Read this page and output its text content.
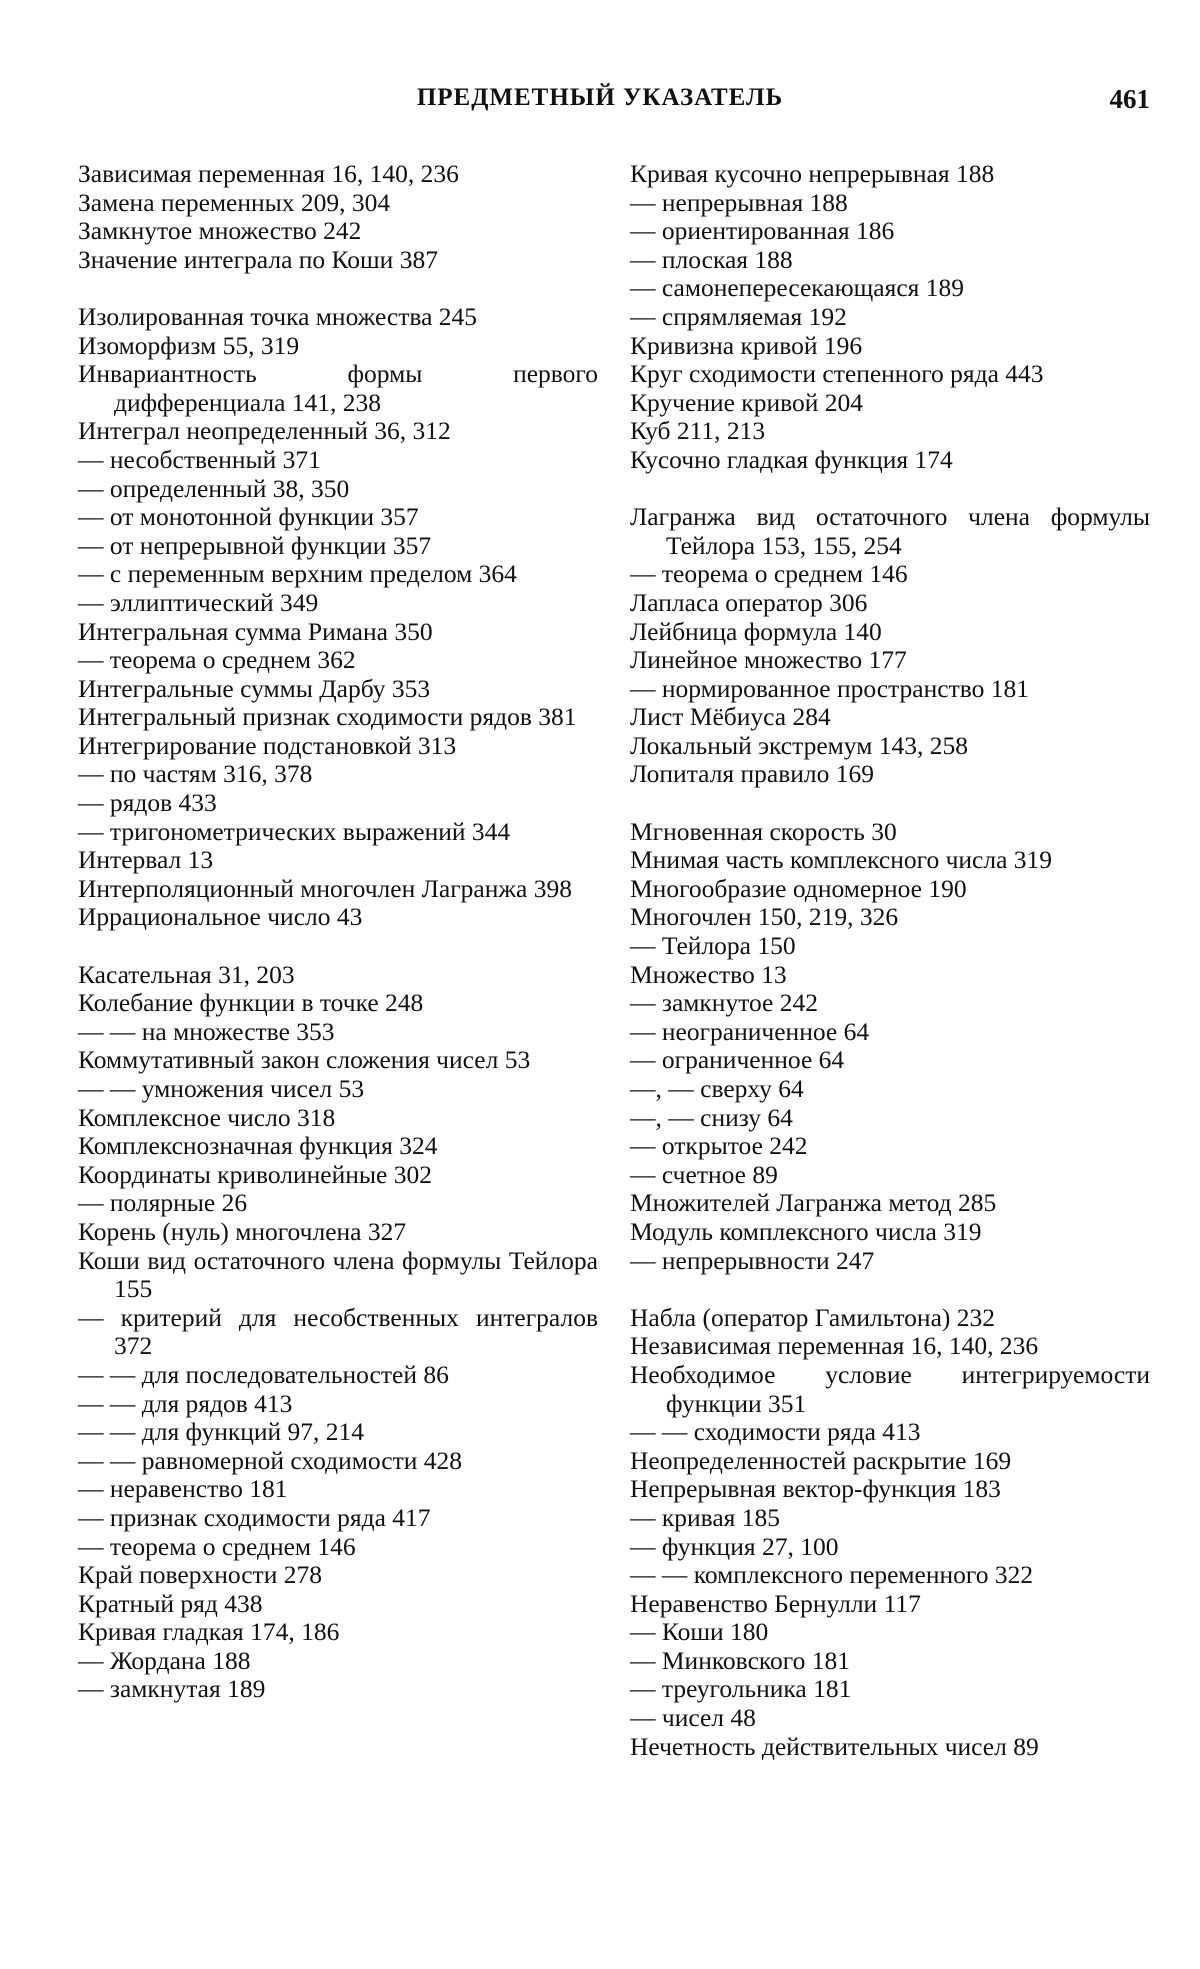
ПРЕДМЕТНЫЙ УКАЗАТЕЛЬ	461
Зависимая переменная 16, 140, 236
Замена переменных 209, 304
Замкнутое множество 242
Значение интеграла по Коши 387
Изолированная точка множества 245
Изоморфизм 55, 319
Инвариантность формы первого дифференциала 141, 238
Интеграл неопределенный 36, 312
— несобственный 371
— определенный 38, 350
— от монотонной функции 357
— от непрерывной функции 357
— с переменным верхним пределом 364
— эллиптический 349
Интегральная сумма Римана 350
— теорема о среднем 362
Интегральные суммы Дарбу 353
Интегральный признак сходимости рядов 381
Интегрирование подстановкой 313
— по частям 316, 378
— рядов 433
— тригонометрических выражений 344
Интервал 13
Интерполяционный многочлен Лагранжа 398
Иррациональное число 43
Касательная 31, 203
Колебание функции в точке 248
— — на множестве 353
Коммутативный закон сложения чисел 53
— — умножения чисел 53
Комплексное число 318
Комплекснозначная функция 324
Координаты криволинейные 302
— полярные 26
Корень (нуль) многочлена 327
Коши вид остаточного члена формулы Тейлора 155
— критерий для несобственных интегралов 372
— — для последовательностей 86
— — для рядов 413
— — для функций 97, 214
— — равномерной сходимости 428
— неравенство 181
— признак сходимости ряда 417
— теорема о среднем 146
Край поверхности 278
Кратный ряд 438
Кривая гладкая 174, 186
— Жордана 188
— замкнутая 189
Кривая кусочно непрерывная 188
— непрерывная 188
— ориентированная 186
— плоская 188
— самонепересекающаяся 189
— спрямляемая 192
Кривизна кривой 196
Круг сходимости степенного ряда 443
Кручение кривой 204
Куб 211, 213
Кусочно гладкая функция 174
Лагранжа вид остаточного члена формулы Тейлора 153, 155, 254
— теорема о среднем 146
Лапласа оператор 306
Лейбница формула 140
Линейное множество 177
— нормированное пространство 181
Лист Мёбиуса 284
Локальный экстремум 143, 258
Лопиталя правило 169
Мгновенная скорость 30
Мнимая часть комплексного числа 319
Многообразие одномерное 190
Многочлен 150, 219, 326
— Тейлора 150
Множество 13
— замкнутое 242
— неограниченное 64
— ограниченное 64
—, — сверху 64
—, — снизу 64
— открытое 242
— счетное 89
Множителей Лагранжа метод 285
Модуль комплексного числа 319
— непрерывности 247
Набла (оператор Гамильтона) 232
Независимая переменная 16, 140, 236
Необходимое условие интегрируемости функции 351
— — сходимости ряда 413
Неопределенностей раскрытие 169
Непрерывная вектор-функция 183
— кривая 185
— функция 27, 100
— — комплексного переменного 322
Неравенство Бернулли 117
— Коши 180
— Минковского 181
— треугольника 181
— чисел 48
Нечетность действительных чисел 89
